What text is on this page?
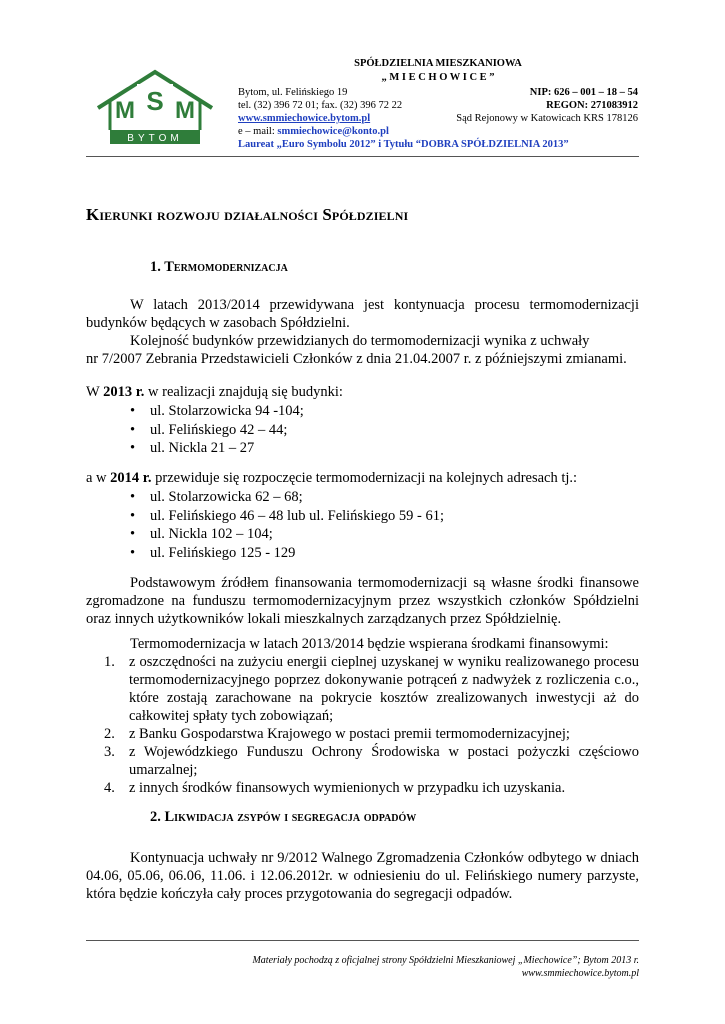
S
M M
BYTOM
SPÓŁDZIELNIA MIESZKANIOWA
„ M I E C H O W I C E ”
Bytom, ul. Felińskiego 19	NIP: 626 – 001 – 18 – 54
tel. (32) 396 72 01; fax. (32) 396 72 22	REGON: 271083912
www.smmiechowice.bytom.pl	Sąd Rejonowy w Katowicach KRS 178126
e – mail: smmiechowice@konto.pl
Laureat „Euro Symbolu 2012” i Tytułu “DOBRA SPÓŁDZIELNIA 2013”
Kierunki rozwoju działalności Spółdzielni
1. Termomodernizacja
W latach 2013/2014 przewidywana jest kontynuacja procesu termomodernizacji budynków będących w zasobach Spółdzielni.
Kolejność budynków przewidzianych do termomodernizacji wynika z uchwały
nr 7/2007 Zebrania Przedstawicieli Członków z dnia 21.04.2007 r. z późniejszymi zmianami.
W 2013 r. w realizacji znajdują się budynki:
• ul. Stolarzowicka 94 -104;
• ul. Felińskiego 42 – 44;
• ul. Nickla 21 – 27
a w 2014 r. przewiduje się rozpoczęcie termomodernizacji na kolejnych adresach tj.:
• ul. Stolarzowicka 62 – 68;
• ul. Felińskiego 46 – 48 lub ul. Felińskiego 59 - 61;
• ul. Nickla 102 – 104;
• ul. Felińskiego 125 - 129
Podstawowym źródłem finansowania termomodernizacji są własne środki finansowe zgromadzone na funduszu termomodernizacyjnym przez wszystkich członków Spółdzielni oraz innych użytkowników lokali mieszkalnych zarządzanych przez Spółdzielnię.
Termomodernizacja w latach 2013/2014 będzie wspierana środkami finansowymi:
1. z oszczędności na zużyciu energii cieplnej uzyskanej w wyniku realizowanego procesu termomodernizacyjnego poprzez dokonywanie potrąceń z nadwyżek z rozliczenia c.o., które zostają zarachowane na pokrycie kosztów zrealizowanych inwestycji aż do całkowitej spłaty tych zobowiązań;
2. z Banku Gospodarstwa Krajowego w postaci premii termomodernizacyjnej;
3. z Wojewódzkiego Funduszu Ochrony Środowiska w postaci pożyczki częściowo umarzalnej;
4. z innych środków finansowych wymienionych w przypadku ich uzyskania.
2. Likwidacja zsypów i segregacja odpadów
Kontynuacja uchwały nr 9/2012 Walnego Zgromadzenia Członków odbytego w dniach 04.06, 05.06, 06.06, 11.06. i 12.06.2012r. w odniesieniu do ul. Felińskiego numery parzyste, która będzie kończyła cały proces przygotowania do segregacji odpadów.
Materiały pochodzą z oficjalnej strony Spółdzielni Mieszkaniowej „Miechowice”; Bytom 2013 r.
www.smmiechowice.bytom.pl
